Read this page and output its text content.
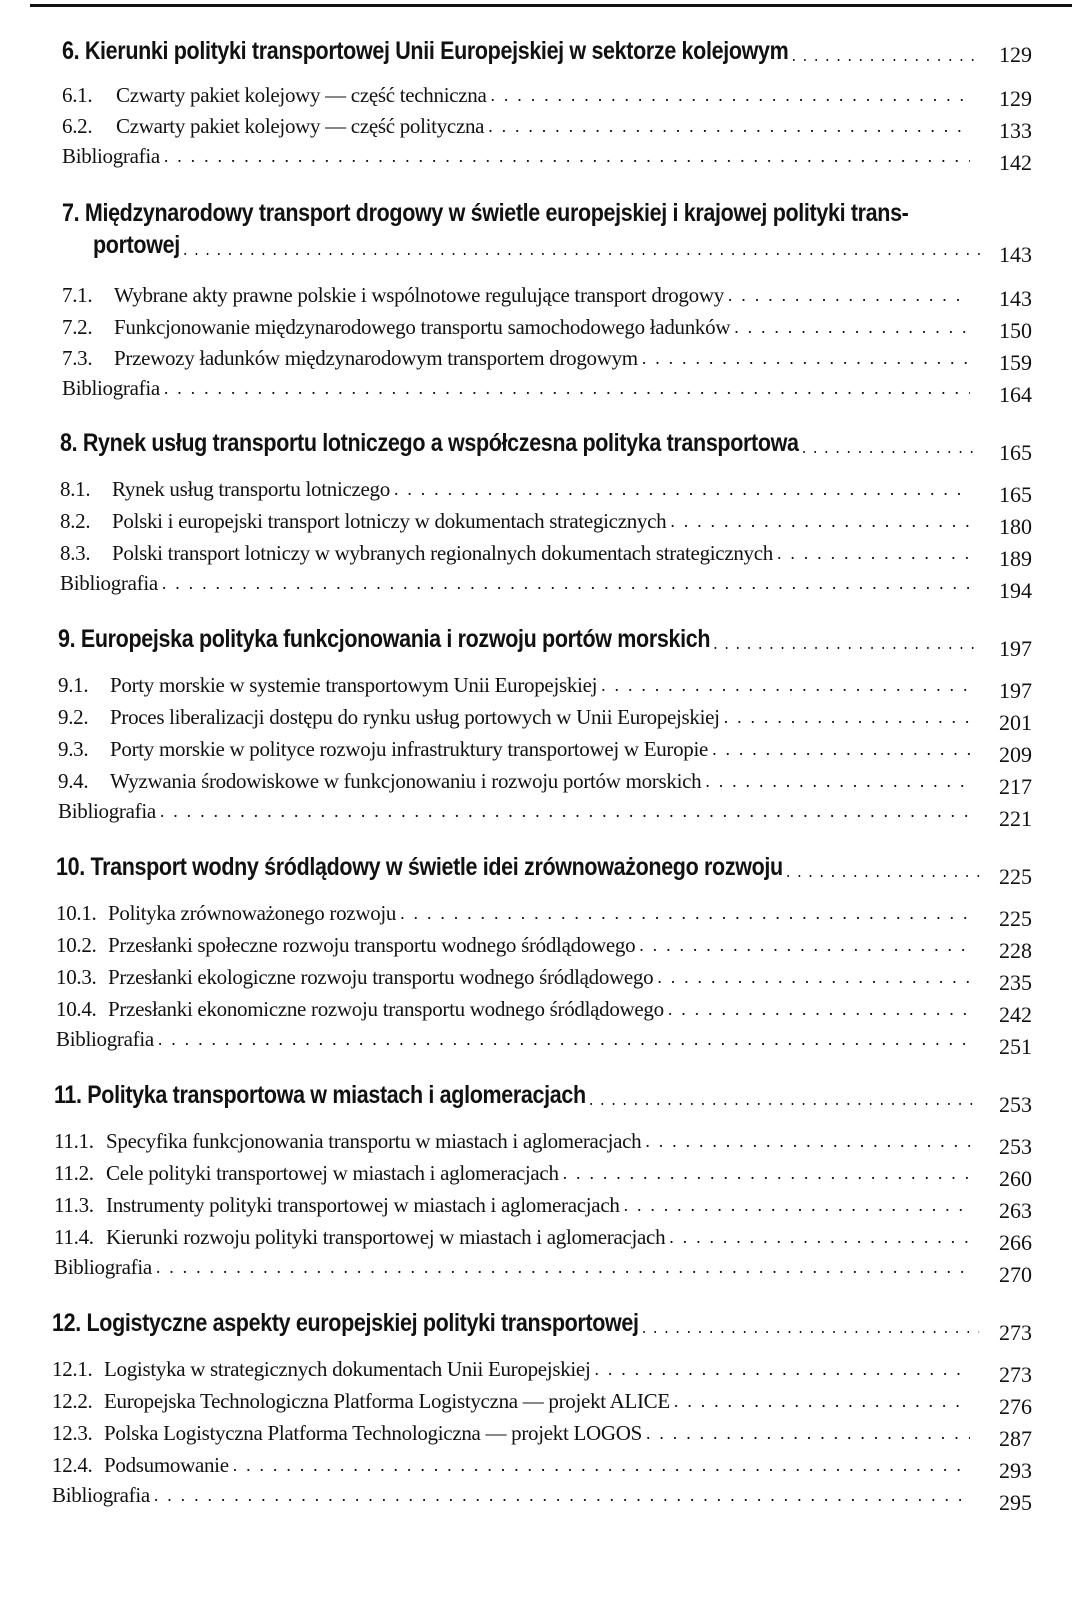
6. Kierunki polityki transportowej Unii Europejskiej w sektorze kolejowym . . .	129
6.1.	Czwarty pakiet kolejowy — część techniczna . . .	129
6.2.	Czwarty pakiet kolejowy — część polityczna . . .	133
Bibliografia . . .	142
7. Międzynarodowy transport drogowy w świetle europejskiej i krajowej polityki trans-
portowej . . .	143
7.1.	Wybrane akty prawne polskie i wspólnotowe regulujące transport drogowy . . .	143
7.2.	Funkcjonowanie międzynarodowego transportu samochodowego ładunków . . .	150
7.3.	Przewozy ładunków międzynarodowym transportem drogowym . . .	159
Bibliografia . . .	164
8. Rynek usług transportu lotniczego a współczesna polityka transportowa . . .	165
8.1.	Rynek usług transportu lotniczego . . .	165
8.2.	Polski i europejski transport lotniczy w dokumentach strategicznych . . .	180
8.3.	Polski transport lotniczy w wybranych regionalnych dokumentach strategicznych . . .	189
Bibliografia . . .	194
9. Europejska polityka funkcjonowania i rozwoju portów morskich . . .	197
9.1.	Porty morskie w systemie transportowym Unii Europejskiej . . .	197
9.2.	Proces liberalizacji dostępu do rynku usług portowych w Unii Europejskiej . . .	201
9.3.	Porty morskie w polityce rozwoju infrastruktury transportowej w Europie . . .	209
9.4.	Wyzwania środowiskowe w funkcjonowaniu i rozwoju portów morskich . . .	217
Bibliografia . . .	221
10. Transport wodny śródlądowy w świetle idei zrównoważonego rozwoju . . .	225
10.1. Polityka zrównoważonego rozwoju . . .	225
10.2. Przesłanki społeczne rozwoju transportu wodnego śródlądowego . . .	228
10.3. Przesłanki ekologiczne rozwoju transportu wodnego śródlądowego . . .	235
10.4. Przesłanki ekonomiczne rozwoju transportu wodnego śródlądowego . . .	242
Bibliografia . . .	251
11. Polityka transportowa w miastach i aglomeracjach . . .	253
11.1. Specyfika funkcjonowania transportu w miastach i aglomeracjach . . .	253
11.2. Cele polityki transportowej w miastach i aglomeracjach . . .	260
11.3. Instrumenty polityki transportowej w miastach i aglomeracjach . . .	263
11.4. Kierunki rozwoju polityki transportowej w miastach i aglomeracjach . . .	266
Bibliografia . . .	270
12. Logistyczne aspekty europejskiej polityki transportowej . . .	273
12.1. Logistyka w strategicznych dokumentach Unii Europejskiej . . .	273
12.2. Europejska Technologiczna Platforma Logistyczna — projekt ALICE . . .	276
12.3. Polska Logistyczna Platforma Technologiczna — projekt LOGOS . . .	287
12.4. Podsumowanie . . .	293
Bibliografia . . .	295
